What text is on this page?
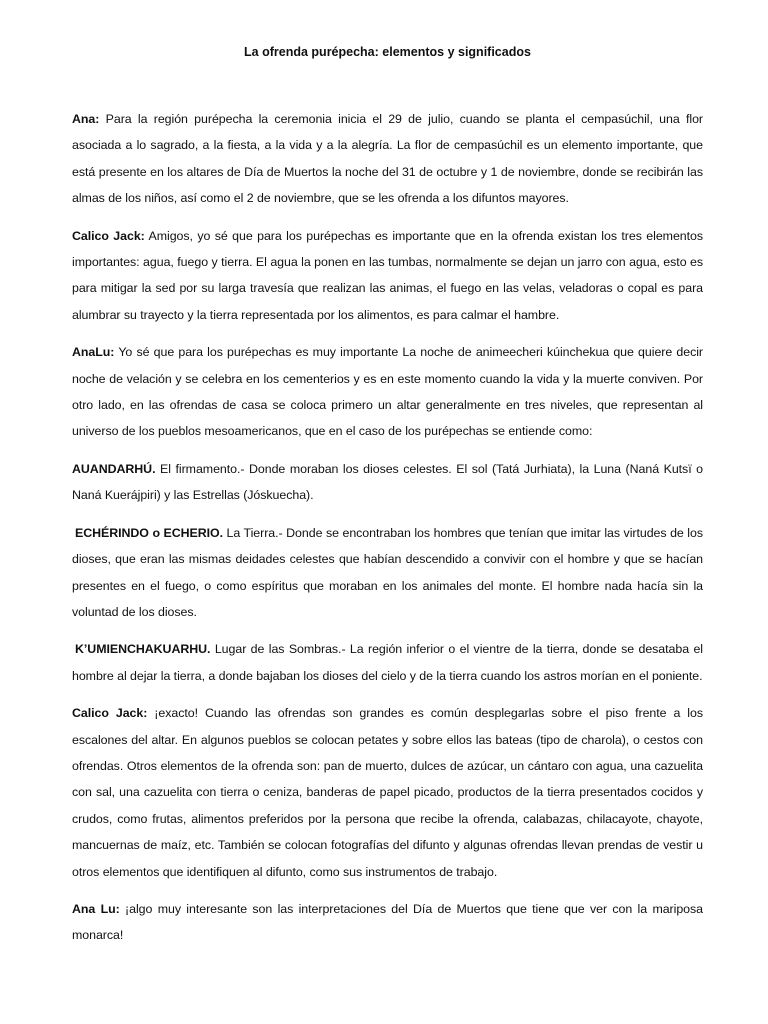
La ofrenda purépecha: elementos y significados

Ana: Para la región purépecha la ceremonia inicia el 29 de julio, cuando se planta el cempasúchil, una flor asociada a lo sagrado, a la fiesta, a la vida y a la alegría. La flor de cempasúchil es un elemento importante, que está presente en los altares de Día de Muertos la noche del 31 de octubre y 1 de noviembre, donde se recibirán las almas de los niños, así como el 2 de noviembre, que se les ofrenda a los difuntos mayores.

Calico Jack: Amigos, yo sé que para los purépechas es importante que en la ofrenda existan los tres elementos importantes: agua, fuego y tierra. El agua la ponen en las tumbas, normalmente se dejan un jarro con agua, esto es para mitigar la sed por su larga travesía que realizan las animas, el fuego en las velas, veladoras o copal es para alumbrar su trayecto y la tierra representada por los alimentos, es para calmar el hambre.

AnaLu: Yo sé que para los purépechas es muy importante La noche de animeecheri kúinchekua que quiere decir noche de velación y se celebra en los cementerios y es en este momento cuando la vida y la muerte conviven. Por otro lado, en las ofrendas de casa se coloca primero un altar generalmente en tres niveles, que representan al universo de los pueblos mesoamericanos, que en el caso de los purépechas se entiende como:

AUANDARHÚ. El firmamento.- Donde moraban los dioses celestes. El sol (Tatá Jurhiata), la Luna (Naná Kutsï o Naná Kuerájpiri) y las Estrellas (Jóskuecha).

ECHÉRINDO o ECHERIO. La Tierra.- Donde se encontraban los hombres que tenían que imitar las virtudes de los dioses, que eran las mismas deidades celestes que habían descendido a convivir con el hombre y que se hacían presentes en el fuego, o como espíritus que moraban en los animales del monte. El hombre nada hacía sin la voluntad de los dioses.

K’UMIENCHAKUARHU. Lugar de las Sombras.- La región inferior o el vientre de la tierra, donde se desataba el hombre al dejar la tierra, a donde bajaban los dioses del cielo y de la tierra cuando los astros morían en el poniente.

Calico Jack: ¡exacto! Cuando las ofrendas son grandes es común desplegarlas sobre el piso frente a los escalones del altar. En algunos pueblos se colocan petates y sobre ellos las bateas (tipo de charola), o cestos con ofrendas. Otros elementos de la ofrenda son: pan de muerto, dulces de azúcar, un cántaro con agua, una cazuelita con sal, una cazuelita con tierra o ceniza, banderas de papel picado, productos de la tierra presentados cocidos y crudos, como frutas, alimentos preferidos por la persona que recibe la ofrenda, calabazas, chilacayote, chayote, mancuernas de maíz, etc. También se colocan fotografías del difunto y algunas ofrendas llevan prendas de vestir u otros elementos que identifiquen al difunto, como sus instrumentos de trabajo.

Ana Lu: ¡algo muy interesante son las interpretaciones del Día de Muertos que tiene que ver con la mariposa monarca!
